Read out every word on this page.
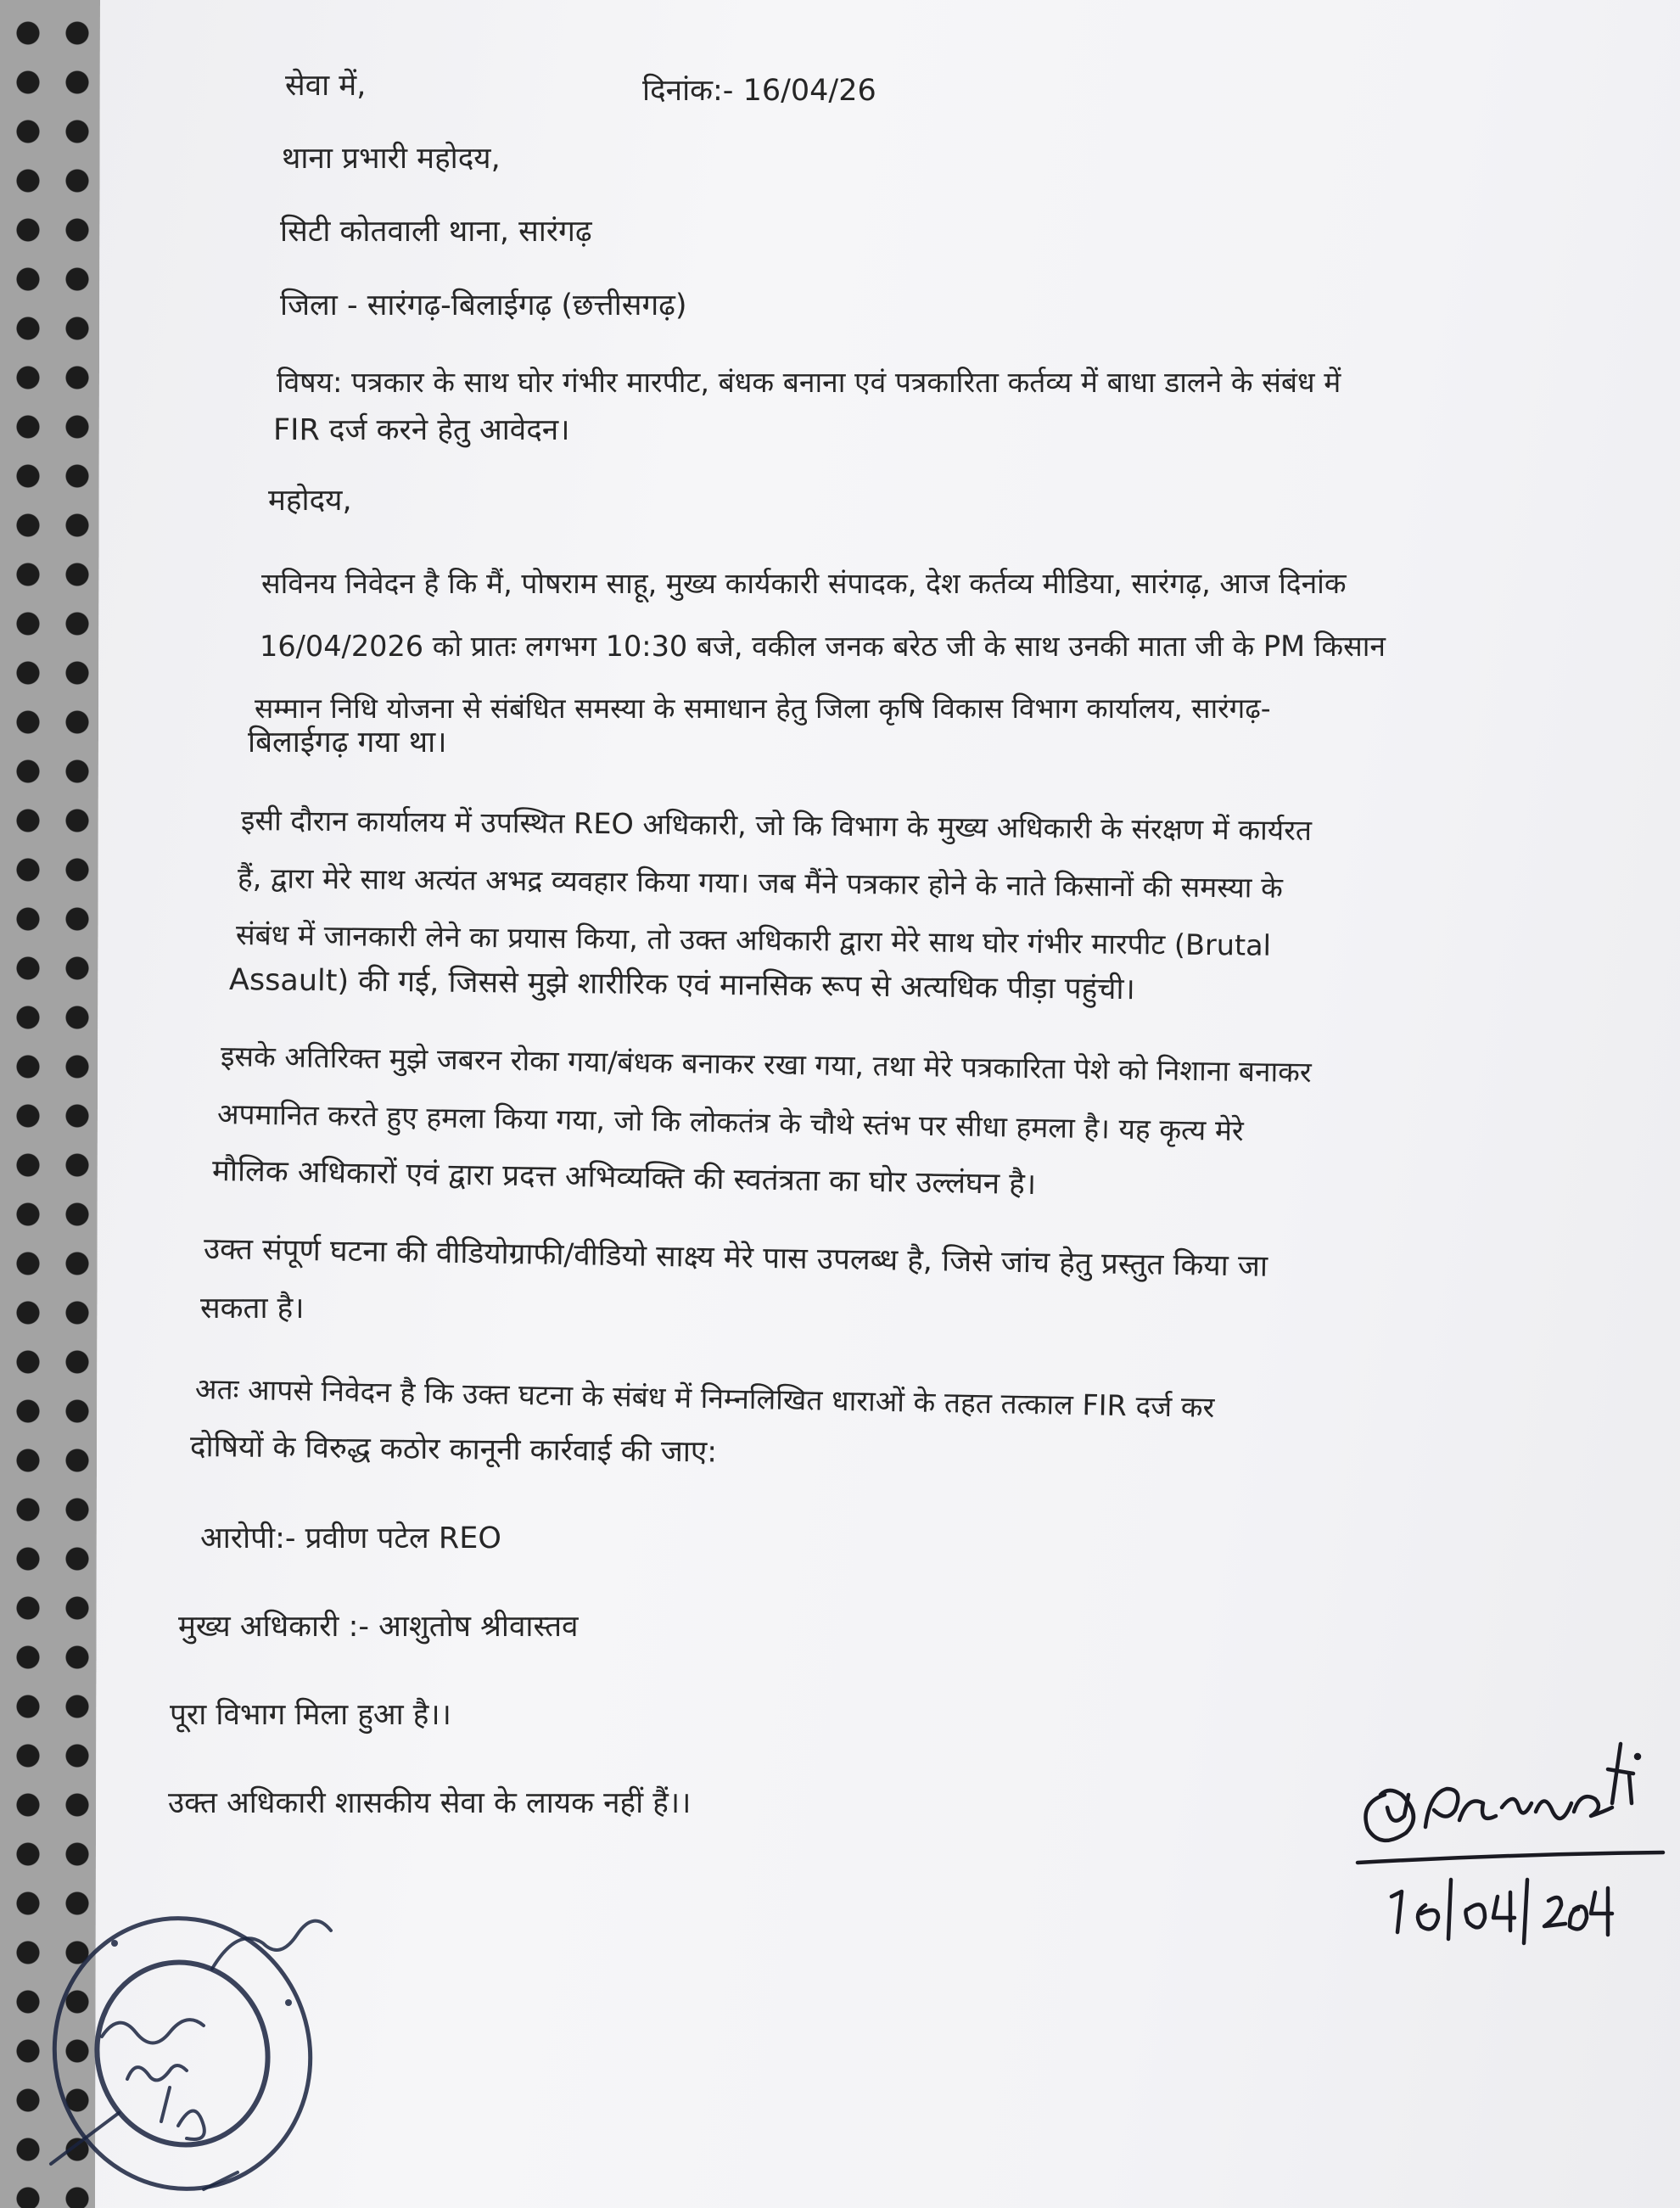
सेवा में,	दिनांक:- 16/04/26
थाना प्रभारी महोदय,
सिटी कोतवाली थाना, सारंगढ़
जिला - सारंगढ़-बिलाईगढ़ (छत्तीसगढ़)
विषय: पत्रकार के साथ घोर गंभीर मारपीट, बंधक बनाना एवं पत्रकारिता कर्तव्य में बाधा डालने के संबंध में
FIR दर्ज करने हेतु आवेदन।
महोदय,
सविनय निवेदन है कि मैं, पोषराम साहू, मुख्य कार्यकारी संपादक, देश कर्तव्य मीडिया, सारंगढ़, आज दिनांक
16/04/2026 को प्रातः लगभग 10:30 बजे, वकील जनक बरेठ जी के साथ उनकी माता जी के PM किसान
सम्मान निधि योजना से संबंधित समस्या के समाधान हेतु जिला कृषि विकास विभाग कार्यालय, सारंगढ़-
बिलाईगढ़ गया था।
इसी दौरान कार्यालय में उपस्थित REO अधिकारी, जो कि विभाग के मुख्य अधिकारी के संरक्षण में कार्यरत
हैं, द्वारा मेरे साथ अत्यंत अभद्र व्यवहार किया गया। जब मैंने पत्रकार होने के नाते किसानों की समस्या के
संबंध में जानकारी लेने का प्रयास किया, तो उक्त अधिकारी द्वारा मेरे साथ घोर गंभीर मारपीट (Brutal
Assault) की गई, जिससे मुझे शारीरिक एवं मानसिक रूप से अत्यधिक पीड़ा पहुंची।
इसके अतिरिक्त मुझे जबरन रोका गया/बंधक बनाकर रखा गया, तथा मेरे पत्रकारिता पेशे को निशाना बनाकर
अपमानित करते हुए हमला किया गया, जो कि लोकतंत्र के चौथे स्तंभ पर सीधा हमला है। यह कृत्य मेरे
मौलिक अधिकारों एवं द्वारा प्रदत्त अभिव्यक्ति की स्वतंत्रता का घोर उल्लंघन है।
उक्त संपूर्ण घटना की वीडियोग्राफी/वीडियो साक्ष्य मेरे पास उपलब्ध है, जिसे जांच हेतु प्रस्तुत किया जा
सकता है।
अतः आपसे निवेदन है कि उक्त घटना के संबंध में निम्नलिखित धाराओं के तहत तत्काल FIR दर्ज कर
दोषियों के विरुद्ध कठोर कानूनी कार्रवाई की जाए:
आरोपी:- प्रवीण पटेल REO
मुख्य अधिकारी :- आशुतोष श्रीवास्तव
पूरा विभाग मिला हुआ है।।
उक्त अधिकारी शासकीय सेवा के लायक नहीं हैं।।
